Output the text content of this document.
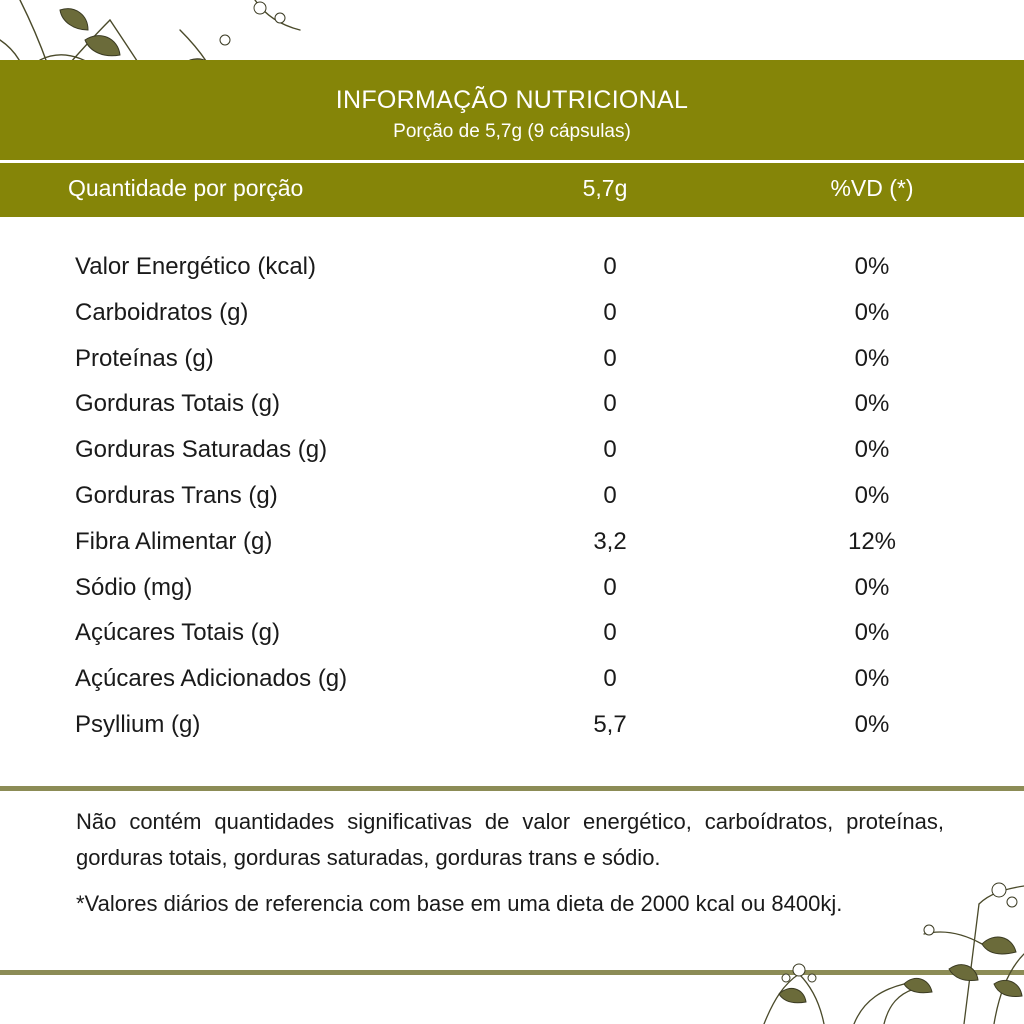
INFORMAÇÃO NUTRICIONAL
Porção de 5,7g (9 cápsulas)
Quantidade por porção	5,7g	%VD (*)
Valor Energético (kcal)	0	0%
Carboidratos (g)	0	0%
Proteínas (g)	0	0%
Gorduras Totais (g)	0	0%
Gorduras Saturadas (g)	0	0%
Gorduras Trans (g)	0	0%
Fibra Alimentar (g)	3,2	12%
Sódio (mg)	0	0%
Açúcares Totais (g)	0	0%
Açúcares Adicionados (g)	0	0%
Psyllium (g)	5,7	0%
Não contém quantidades significativas de valor energético, carboídratos, proteínas, gorduras totais, gorduras saturadas, gorduras trans e sódio.
*Valores diários de referencia com base em uma dieta de 2000 kcal ou 8400kj.
